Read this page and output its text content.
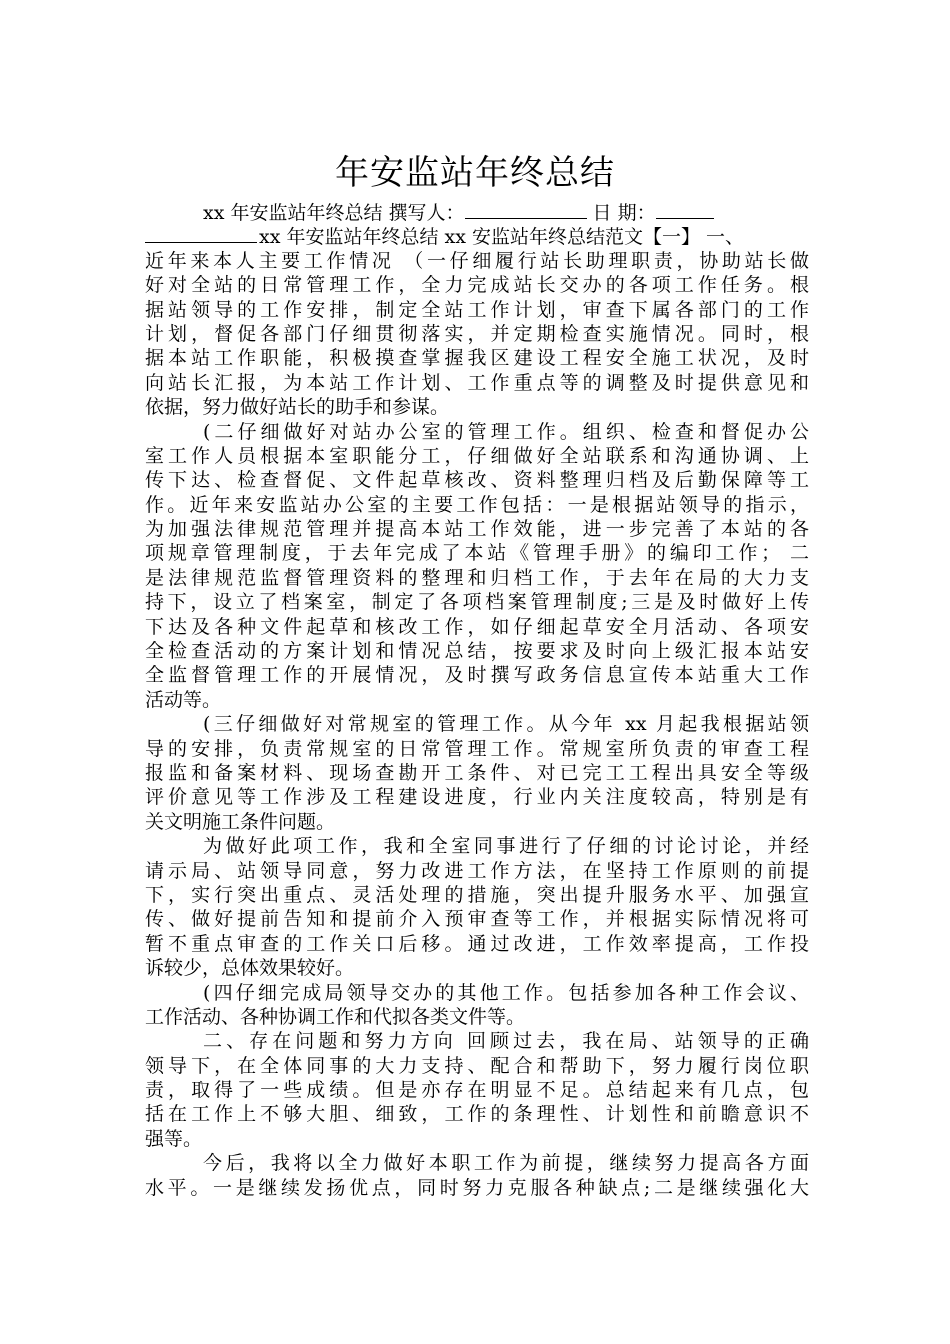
年安监站年终总结
xx 年安监站年终总结 撰写人：	日 期：
xx 年安监站年终总结 xx 安监站年终总结范文【一】 一、
近年来本人主要工作情况 （一仔细履行站长助理职责，协助站长做
好对全站的日常管理工作，全力完成站长交办的各项工作任务。根
据站领导的工作安排，制定全站工作计划，审查下属各部门的工作
计划，督促各部门仔细贯彻落实，并定期检查实施情况。同时，根
据本站工作职能，积极摸查掌握我区建设工程安全施工状况，及时
向站长汇报，为本站工作计划、工作重点等的调整及时提供意见和
依据，努力做好站长的助手和参谋。
(二仔细做好对站办公室的管理工作。组织、检查和督促办公
室工作人员根据本室职能分工，仔细做好全站联系和沟通协调、上
传下达、检查督促、文件起草核改、资料整理归档及后勤保障等工
作。近年来安监站办公室的主要工作包括：一是根据站领导的指示，
为加强法律规范管理并提高本站工作效能，进一步完善了本站的各
项规章管理制度，于去年完成了本站《管理手册》的编印工作； 二
是法律规范监督管理资料的整理和归档工作，于去年在局的大力支
持下，设立了档案室，制定了各项档案管理制度;三是及时做好上传
下达及各种文件起草和核改工作，如仔细起草安全月活动、各项安
全检查活动的方案计划和情况总结，按要求及时向上级汇报本站安
全监督管理工作的开展情况，及时撰写政务信息宣传本站重大工作
活动等。
(三仔细做好对常规室的管理工作。从今年 xx 月起我根据站领
导的安排，负责常规室的日常管理工作。常规室所负责的审查工程
报监和备案材料、现场查勘开工条件、对已完工工程出具安全等级
评价意见等工作涉及工程建设进度，行业内关注度较高，特别是有
关文明施工条件问题。
为做好此项工作，我和全室同事进行了仔细的讨论讨论，并经
请示局、站领导同意，努力改进工作方法，在坚持工作原则的前提
下，实行突出重点、灵活处理的措施，突出提升服务水平、加强宣
传、做好提前告知和提前介入预审查等工作，并根据实际情况将可
暂不重点审查的工作关口后移。通过改进，工作效率提高，工作投
诉较少，总体效果较好。
(四仔细完成局领导交办的其他工作。包括参加各种工作会议、
工作活动、各种协调工作和代拟各类文件等。
二、存在问题和努力方向 回顾过去，我在局、站领导的正确
领导下，在全体同事的大力支持、配合和帮助下，努力履行岗位职
责，取得了一些成绩。但是亦存在明显不足。总结起来有几点，包
括在工作上不够大胆、细致，工作的条理性、计划性和前瞻意识不
强等。
今后，我将以全力做好本职工作为前提，继续努力提高各方面
水平。一是继续发扬优点，同时努力克服各种缺点;二是继续强化大
